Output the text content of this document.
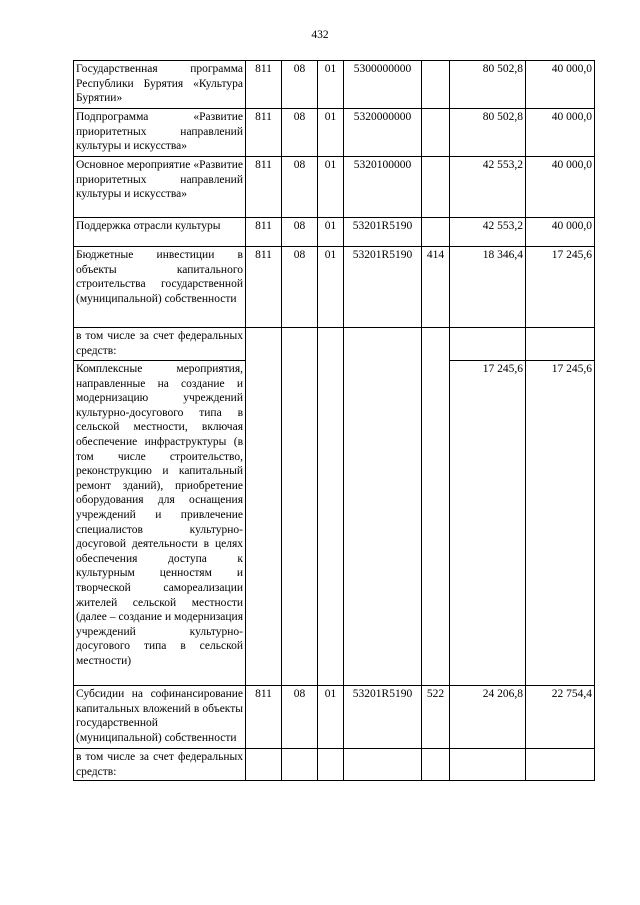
432
Государственная программа Республики Бурятия «Культура Бурятии»	811	08	01	5300000000		80 502,8	40 000,0
Подпрограмма «Развитие приоритетных направлений культуры и искусства»	811	08	01	5320000000		80 502,8	40 000,0
Основное мероприятие «Развитие приоритетных направлений культуры и искусства»	811	08	01	5320100000		42 553,2	40 000,0
Поддержка отрасли культуры	811	08	01	53201R5190		42 553,2	40 000,0
Бюджетные инвестиции в объекты капитального строительства государственной (муниципальной) собственности	811	08	01	53201R5190	414	18 346,4	17 245,6
в том числе за счет федеральных средств:							
Комплексные мероприятия, направленные на создание и модернизацию учреждений культурно-досугового типа в сельской местности, включая обеспечение инфраструктуры (в том числе строительство, реконструкцию и капитальный ремонт зданий), приобретение оборудования для оснащения учреждений и привлечение специалистов культурно-досуговой деятельности в целях обеспечения доступа к культурным ценностям и творческой самореализации жителей сельской местности (далее – создание и модернизация учреждений культурно-досугового типа в сельской местности)						17 245,6	17 245,6
Субсидии на софинансирование капитальных вложений в объекты государственной (муниципальной) собственности	811	08	01	53201R5190	522	24 206,8	22 754,4
в том числе за счет федеральных средств:							
